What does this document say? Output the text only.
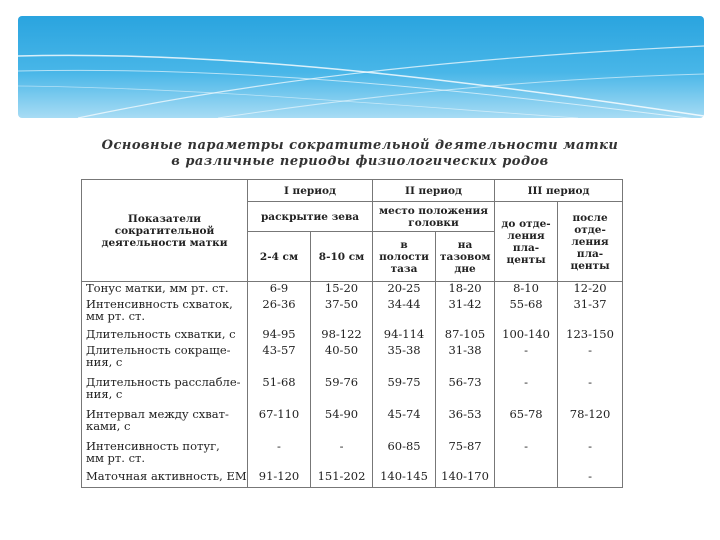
Основные параметры сократительной деятельности матки
в различные периоды физиологических родов
Показатели
сократительной
деятельности матки	I период		II период		III период	
	раскрытие зева		место положения головки		до отде-ления пла-центы	после отде-ления пла-центы
	2-4 см	8-10 см	в полости таза	на тазовом дне		

Тонус матки, мм рт. ст.	6-9	15-20	20-25	18-20	8-10	12-20

Интенсивность схваток,
мм рт. ст.	26-36	37-50	34-44	31-42	55-68	31-37

Длительность схватки, с	94-95	98-122	94-114	87-105	100-140	123-150

Длительность сокраще-
ния, с	43-57	40-50	35-38	31-38	-	-

Длительность расслабле-
ния, с	51-68	59-76	59-75	56-73	-	-

Интервал между схват-
ками, с	67-110	54-90	45-74	36-53	65-78	78-120

Интенсивность потуг,
мм рт. ст.	-	-	60-85	75-87	-	-

Маточная активность, ЕМ	91-120	151-202	140-145	140-170		-
